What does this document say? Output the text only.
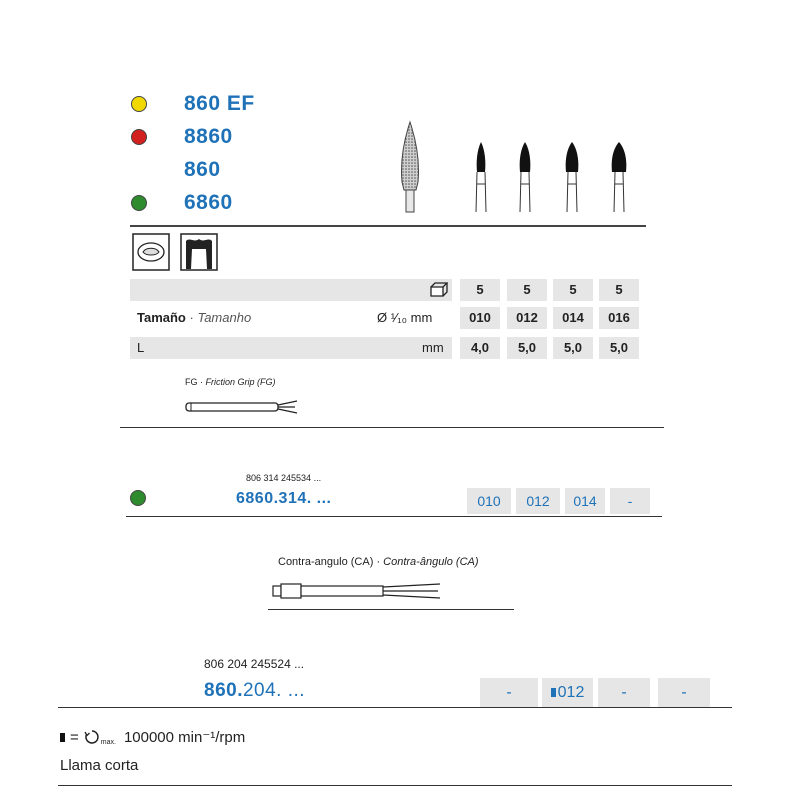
860 EF
8860
860
6860
5	5	5	5
Tamaño · Tamanho	Ø ¹⁄₁₀ mm	010	012	014	016
L	mm	4,0	5,0	5,0	5,0
FG · Friction Grip (FG)
806 314 245534 ...
6860.314. ...	010	012	014	-
Contra-angulo (CA) · Contra-ângulo (CA)
806 204 245524 ...
860.204. ...	-	012	-	-
=	max. 100000 min⁻¹/rpm
Llama corta
